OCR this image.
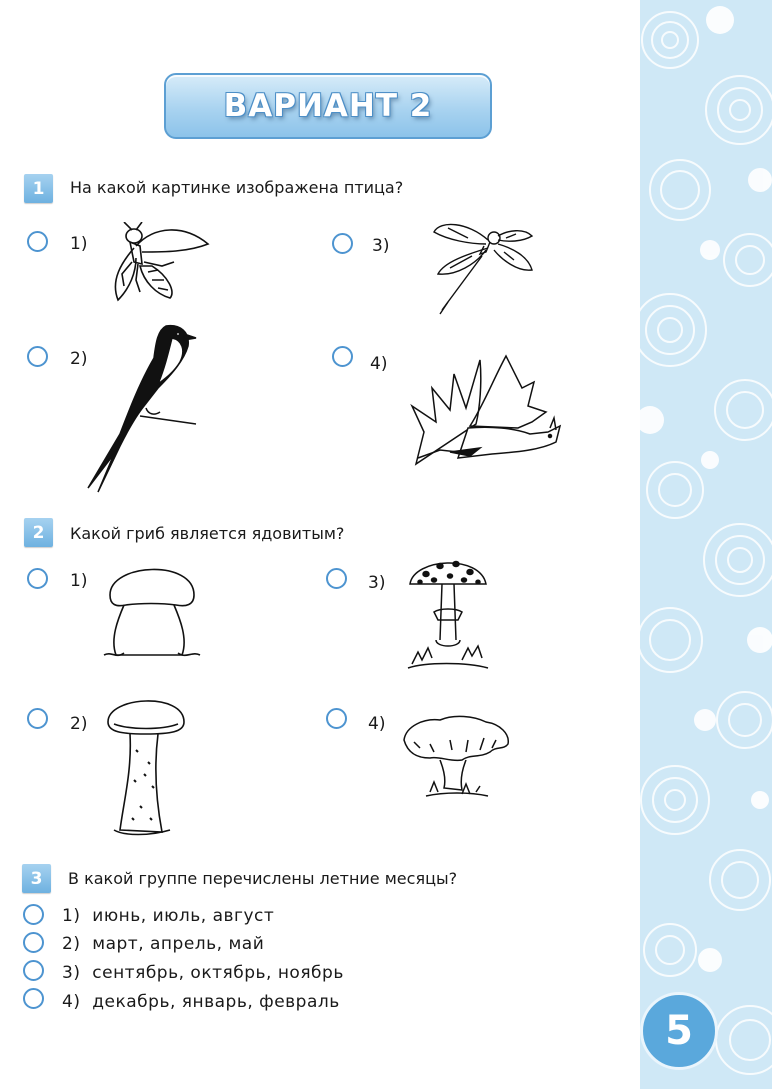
5
ВАРИАНТ 2
1	На какой картинке изображена птица?
1)
2)
3)
4)
2	Какой гриб является ядовитым?
1)
2)
3)
4)
3	В какой группе перечислены летние месяцы?
1) июнь, июль, август
2) март, апрель, май
3) сентябрь, октябрь, ноябрь
4) декабрь, январь, февраль
